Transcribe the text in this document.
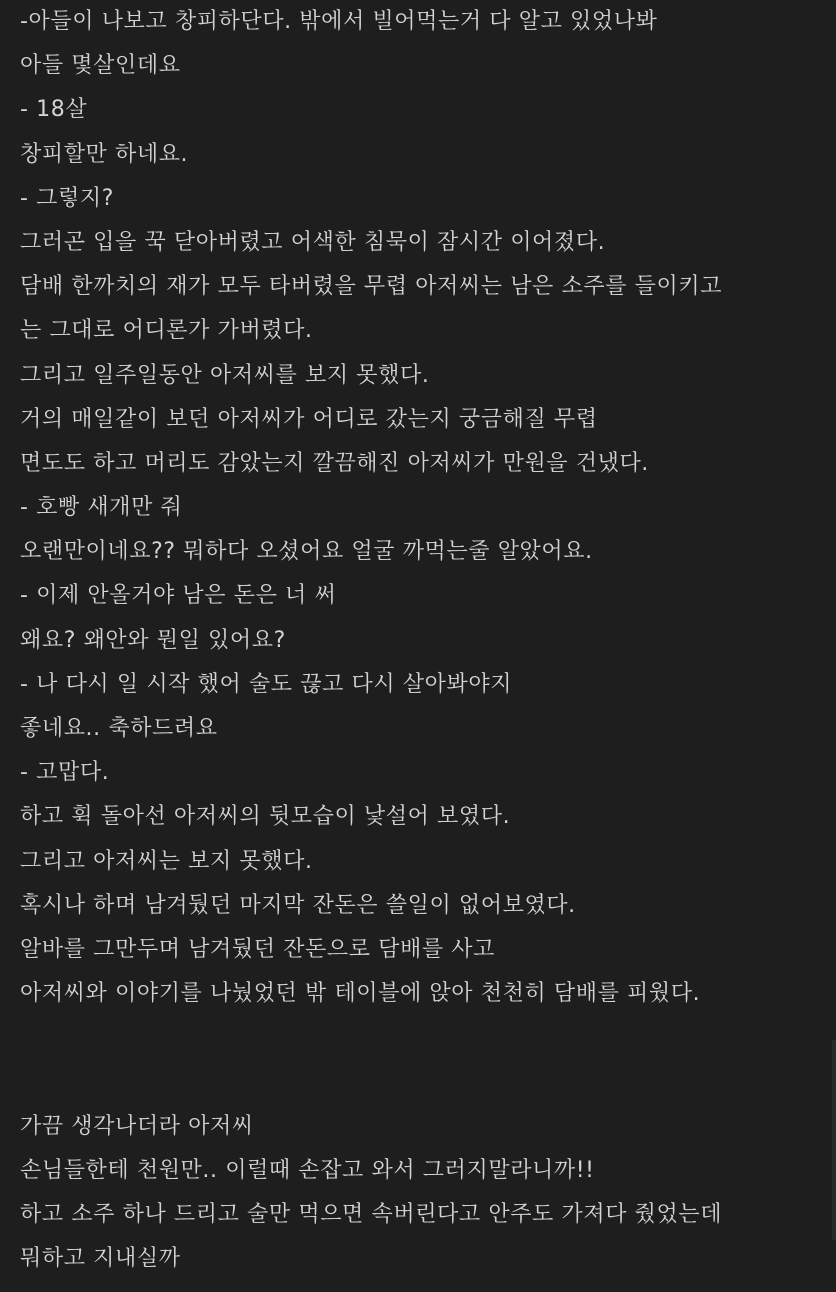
-아들이 나보고 창피하단다. 밖에서 빌어먹는거 다 알고 있었나봐
아들 몇살인데요
- 18살
창피할만 하네요.
- 그렇지?
그러곤 입을 꾹 닫아버렸고 어색한 침묵이 잠시간 이어졌다.
담배 한까치의 재가 모두 타버렸을 무렵 아저씨는 남은 소주를 들이키고
는 그대로 어디론가 가버렸다.
그리고 일주일동안 아저씨를 보지 못했다.
거의 매일같이 보던 아저씨가 어디로 갔는지 궁금해질 무렵
면도도 하고 머리도 감았는지 깔끔해진 아저씨가 만원을 건냈다.
- 호빵 새개만 줘
오랜만이네요?? 뭐하다 오셨어요 얼굴 까먹는줄 알았어요.
- 이제 안올거야 남은 돈은 너 써
왜요? 왜안와 뭔일 있어요?
- 나 다시 일 시작 했어 술도 끊고 다시 살아봐야지
좋네요.. 축하드려요
- 고맙다.
하고 휙 돌아선 아저씨의 뒷모습이 낯설어 보였다.
그리고 아저씨는 보지 못했다.
혹시나 하며 남겨뒀던 마지막 잔돈은 쓸일이 없어보였다.
알바를 그만두며 남겨뒀던 잔돈으로 담배를 사고
아저씨와 이야기를 나눴었던 밖 테이블에 앉아 천천히 담배를 피웠다.
가끔 생각나더라 아저씨
손님들한테 천원만.. 이럴때 손잡고 와서 그러지말라니까!!
하고 소주 하나 드리고 술만 먹으면 속버린다고 안주도 가져다 줬었는데
뭐하고 지내실까
